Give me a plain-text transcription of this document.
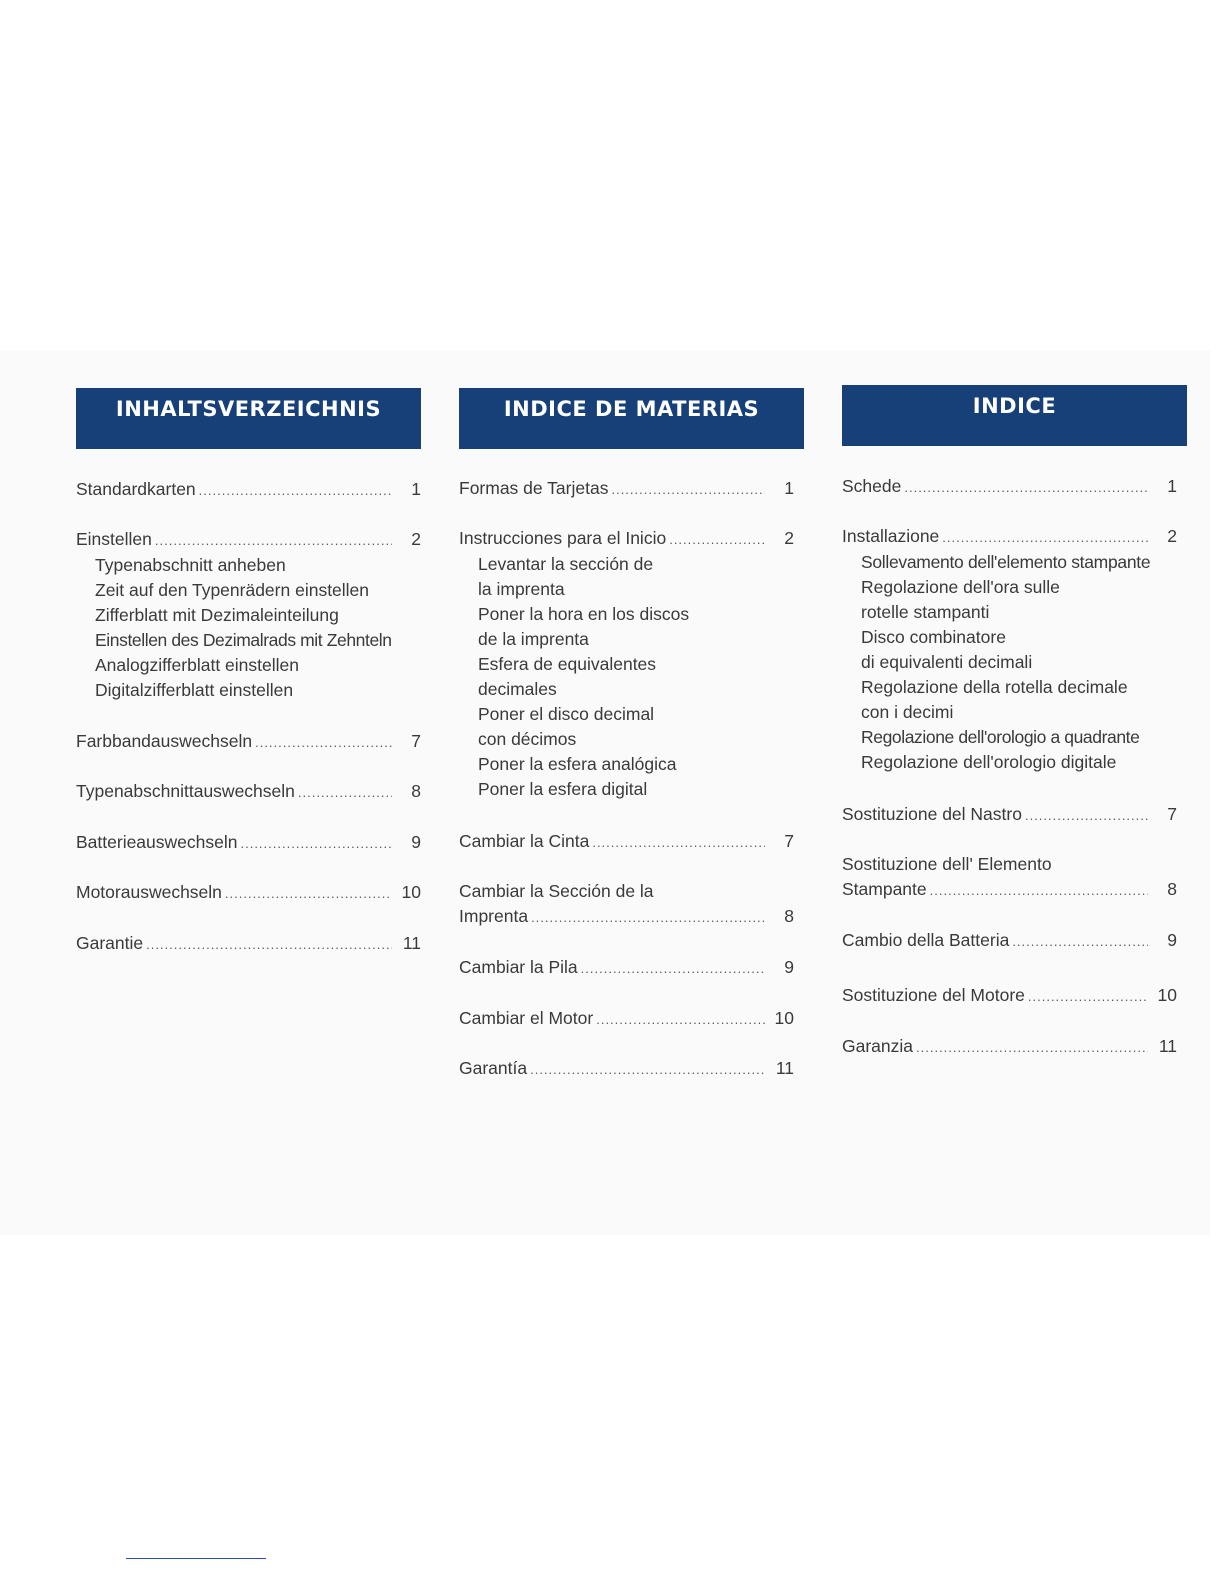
INHALTSVERZEICHNIS
Standardkarten .....	1
Einstellen .....	2
Typenabschnitt anheben
Zeit auf den Typenrädern einstellen
Zifferblatt mit Dezimaleinteilung
Einstellen des Dezimalrads mit Zehnteln
Analogzifferblatt einstellen
Digitalzifferblatt einstellen
Farbbandauswechseln .....	7
Typenabschnittauswechseln .....	8
Batterieauswechseln .....	9
Motorauswechseln .....	10
Garantie .....	11
INDICE DE MATERIAS
Formas de Tarjetas .....	1
Instrucciones para el Inicio .....	2
Levantar la sección de
la imprenta
Poner la hora en los discos
de la imprenta
Esfera de equivalentes
decimales
Poner el disco decimal
con décimos
Poner la esfera analógica
Poner la esfera digital
Cambiar la Cinta .....	7
Cambiar la Sección de la
Imprenta .....	8
Cambiar la Pila .....	9
Cambiar el Motor .....	10
Garantía .....	11
INDICE
Schede .....	1
Installazione .....	2
Sollevamento dell'elemento stampante
Regolazione dell'ora sulle
rotelle stampanti
Disco combinatore
di equivalenti decimali
Regolazione della rotella decimale
con i decimi
Regolazione dell'orologio a quadrante
Regolazione dell'orologio digitale
Sostituzione del Nastro .....	7
Sostituzione dell' Elemento
Stampante .....	8
Cambio della Batteria .....	9
Sostituzione del Motore .....	10
Garanzia .....	11
